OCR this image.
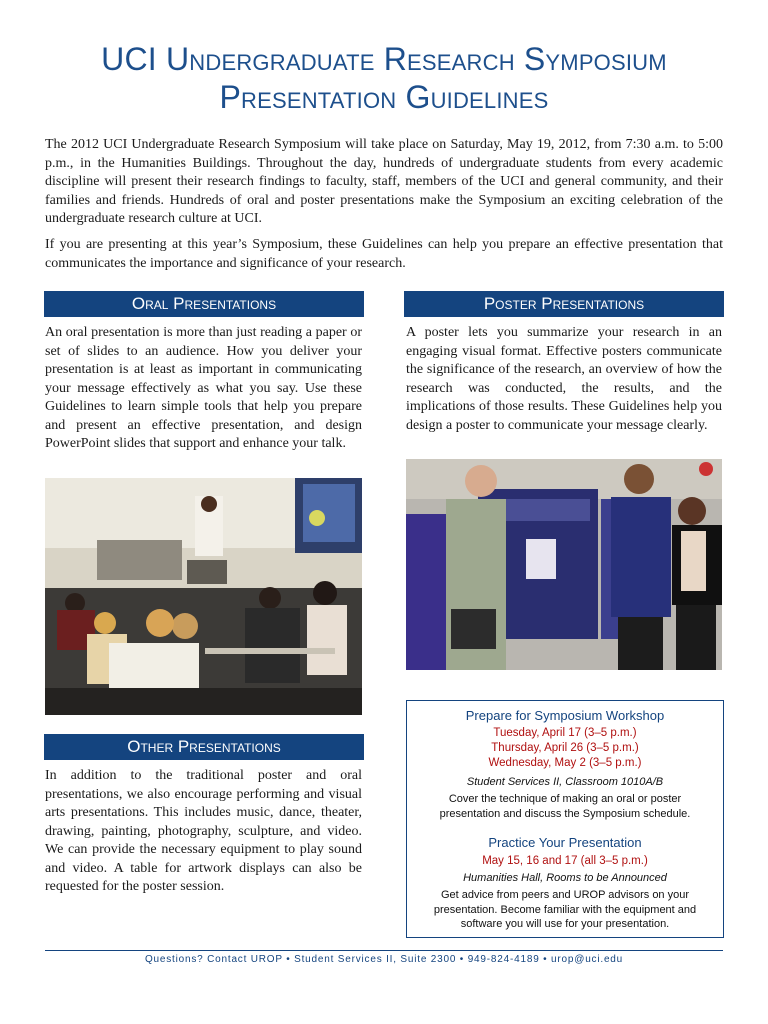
UCI Undergraduate Research Symposium
Presentation Guidelines

The 2012 UCI Undergraduate Research Symposium will take place on Saturday, May 19, 2012, from 7:30 a.m. to 5:00 p.m., in the Humanities Buildings. Throughout the day, hundreds of undergraduate students from every academic discipline will present their research findings to faculty, staff, members of the UCI and general community, and their families and friends. Hundreds of oral and poster presentations make the Symposium an exciting celebration of the undergraduate research culture at UCI.

If you are presenting at this year’s Symposium, these Guidelines can help you prepare an effective presentation that communicates the importance and significance of your research.

Oral Presentations

An oral presentation is more than just reading a paper or set of slides to an audience. How you deliver your presentation is at least as important in communicating your message effectively as what you say. Use these Guidelines to learn simple tools that help you prepare and present an effective presentation, and design PowerPoint slides that support and enhance your talk.

Poster Presentations

A poster lets you summarize your research in an engaging visual format. Effective posters communicate the significance of the research, an overview of how the research was conducted, the results, and the implications of those results. These Guidelines help you design a poster to communicate your message clearly.

Other Presentations

In addition to the traditional poster and oral presentations, we also encourage performing and visual arts presentations. This includes music, dance, theater, drawing, painting, photography, sculpture, and video. We can provide the necessary equipment to play sound and video. A table for artwork displays can also be requested for the poster session.

Prepare for Symposium Workshop

Tuesday, April 17 (3–5 p.m.)

Thursday, April 26 (3–5 p.m.)

Wednesday, May 2 (3–5 p.m.)

Student Services II, Classroom 1010A/B

Cover the technique of making an oral or poster presentation and discuss the Symposium schedule.

Practice Your Presentation

May 15, 16 and 17 (all 3–5 p.m.)

Humanities Hall, Rooms to be Announced

Get advice from peers and UROP advisors on your presentation. Become familiar with the equipment and software you will use for your presentation.

Questions? Contact UROP • Student Services II, Suite 2300 • 949-824-4189 • urop@uci.edu
